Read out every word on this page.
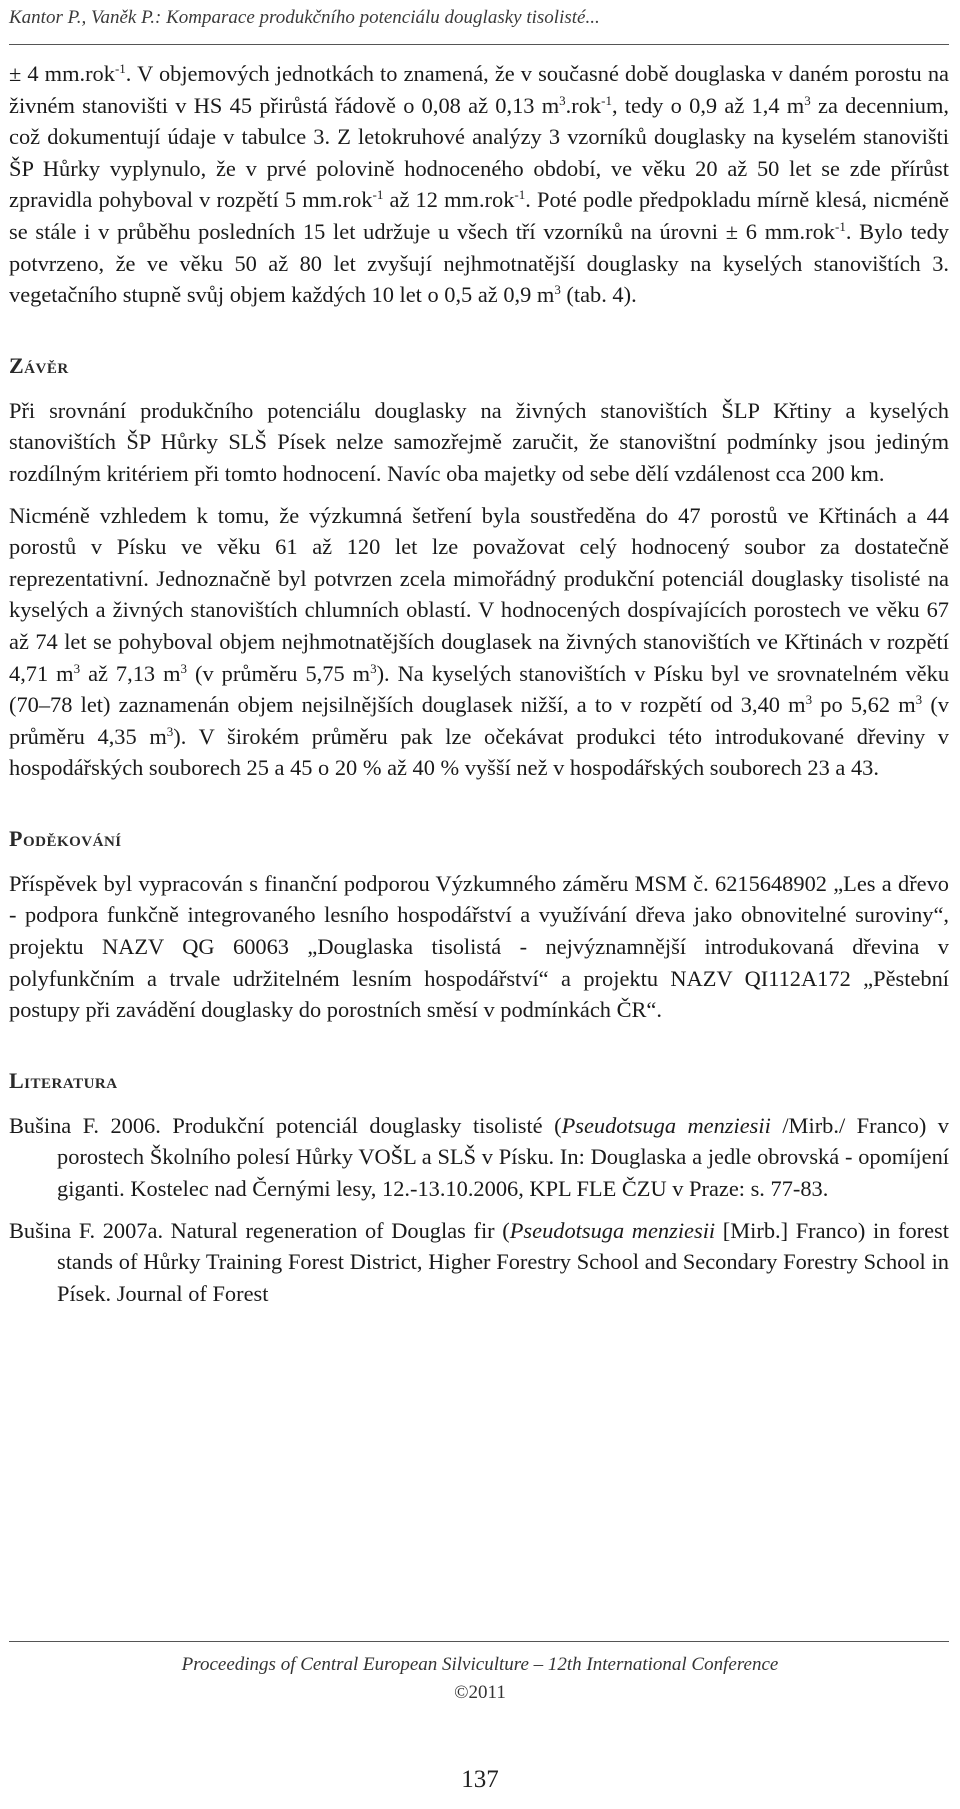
Kantor P., Vaněk P.: Komparace produkčního potenciálu douglasky tisolisté...

± 4 mm.rok$^{-1}$. V objemových jednotkách to znamená, že v současné době douglaska v daném porostu na živném stanovišti v HS 45 přirůstá řádově o 0,08 až 0,13 $m^3.rok^{-1}$, tedy o 0,9 až 1,4 $m^3$ za decennium, což dokumentují údaje v tabulce 3. Z letokruhové analýzy 3 vzorníků douglasky na kyselém stanovišti ŠP Hůrky vyplynulo, že v prvé polovině hodnoceného období, ve věku 20 až 50 let se zde přírůst zpravidla pohyboval v rozpětí 5 mm.rok$^{-1}$ až 12 mm.rok$^{-1}$. Poté podle předpokladu mírně klesá, nicméně se stále i v průběhu posledních 15 let udržuje u všech tří vzorníků na úrovni ± 6 mm.rok$^{-1}$. Bylo tedy potvrzeno, že ve věku 50 až 80 let zvyšují nejhmotnatější douglasky na kyselých stanovištích 3. vegetačního stupně svůj objem každých 10 let o 0,5 až 0,9 $m^3$ (tab. 4).

Závěr

Při srovnání produkčního potenciálu douglasky na živných stanovištích ŠLP Křtiny a kyselých stanovištích ŠP Hůrky SLŠ Písek nelze samozřejmě zaručit, že stanovištní podmínky jsou jediným rozdílným kritériem při tomto hodnocení. Navíc oba majetky od sebe dělí vzdálenost cca 200 km.

Nicméně vzhledem k tomu, že výzkumná šetření byla soustředěna do 47 porostů ve Křtinách a 44 porostů v Písku ve věku 61 až 120 let lze považovat celý hodnocený soubor za dostatečně reprezentativní. Jednoznačně byl potvrzen zcela mimořádný produkční potenciál douglasky tisolisté na kyselých a živných stanovištích chlumních oblastí. V hodnocených dospívajících porostech ve věku 67 až 74 let se pohyboval objem nejhmotnatějších douglasek na živných stanovištích ve Křtinách v rozpětí 4,71 $m^3$ až 7,13 $m^3$ (v průměru 5,75 $m^3$). Na kyselých stanovištích v Písku byl ve srovnatelném věku (70–78 let) zaznamenán objem nejsilnějších douglasek nižší, a to v rozpětí od 3,40 $m^3$ po 5,62 $m^3$ (v průměru 4,35 $m^3$). V širokém průměru pak lze očekávat produkci této introdukované dřeviny v hospodářských souborech 25 a 45 o 20 % až 40 % vyšší než v hospodářských souborech 23 a 43.

Poděkování

Příspěvek byl vypracován s finanční podporou Výzkumného záměru MSM č. 6215648902 „Les a dřevo - podpora funkčně integrovaného lesního hospodářství a využívání dřeva jako obnovitelné suroviny“, projektu NAZV QG 60063 „Douglaska tisolistá - nejvýznamnější introdukovaná dřevina v polyfunkčním a trvale udržitelném lesním hospodářství“ a projektu NAZV QI112A172 „Pěstební postupy při zavádění douglasky do porostních směsí v podmínkách ČR“.

Literatura

Bušina F. 2006. Produkční potenciál douglasky tisolisté (Pseudotsuga menziesii /Mirb./ Franco) v porostech Školního polesí Hůrky VOŠL a SLŠ v Písku. In: Douglaska a jedle obrovská - opomíjení giganti. Kostelec nad Černými lesy, 12.-13.10.2006, KPL FLE ČZU v Praze: s. 77-83.

Bušina F. 2007a. Natural regeneration of Douglas fir (Pseudotsuga menziesii [Mirb.] Franco) in forest stands of Hůrky Training Forest District, Higher Forestry School and Secondary Forestry School in Písek. Journal of Forest

Proceedings of Central European Silviculture – 12th International Conference
©2011
137
